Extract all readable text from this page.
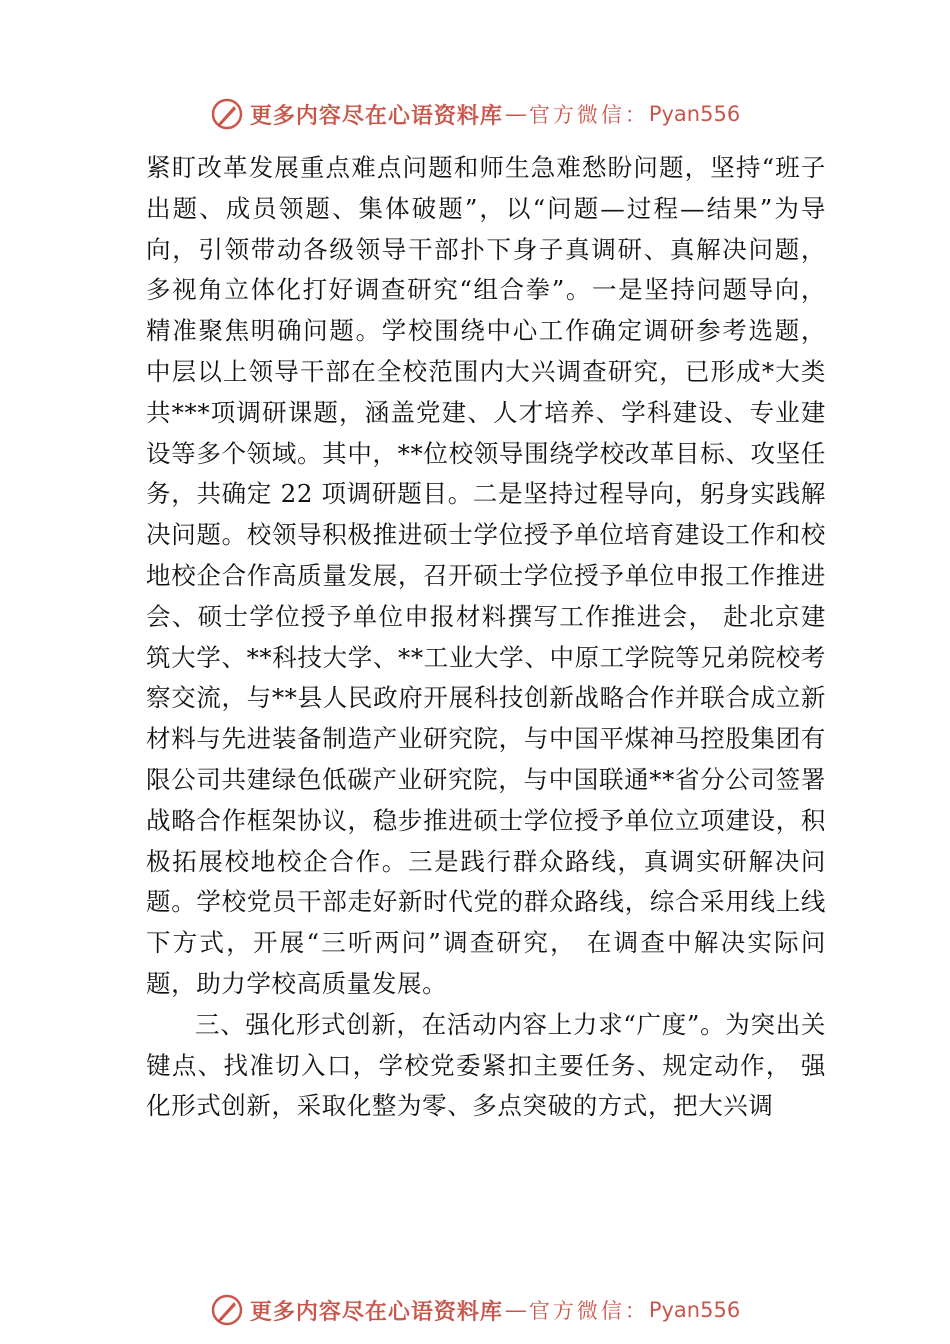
更多内容尽在心语资料库 — 官方微信： Pyan556

紧盯改革发展重点难点问题和师生急难愁盼问题，坚持“班子出题、成员领题、集体破题”，以“问题—过程—结果”为导向，引领带动各级领导干部扑下身子真调研、真解决问题， 多视角立体化打好调查研究“组合拳”。一是坚持问题导向， 精准聚焦明确问题。学校围绕中心工作确定调研参考选题， 中层以上领导干部在全校范围内大兴调查研究，已形成*大类共***项调研课题，涵盖党建、人才培养、学科建设、专业建设等多个领域。其中，**位校领导围绕学校改革目标、攻坚任务，共确定 22 项调研题目。二是坚持过程导向，躬身实践解决问题。校领导积极推进硕士学位授予单位培育建设工作和校地校企合作高质量发展，召开硕士学位授予单位申报工作推进会、硕士学位授予单位申报材料撰写工作推进会， 赴北京建筑大学、**科技大学、**工业大学、中原工学院等兄弟院校考察交流，与**县人民政府开展科技创新战略合作并联合成立新材料与先进装备制造产业研究院，与中国平煤神马控股集团有限公司共建绿色低碳产业研究院，与中国联通**省分公司签署战略合作框架协议，稳步推进硕士学位授予单位立项建设，积极拓展校地校企合作。三是践行群众路线，真调实研解决问题。学校党员干部走好新时代党的群众路线，综合采用线上线下方式，开展“三听两问”调查研究， 在调查中解决实际问题，助力学校高质量发展。

三、强化形式创新，在活动内容上力求“广度”。为突出关键点、找准切入口，学校党委紧扣主要任务、规定动作， 强化形式创新，采取化整为零、多点突破的方式，把大兴调

更多内容尽在心语资料库 — 官方微信： Pyan556
